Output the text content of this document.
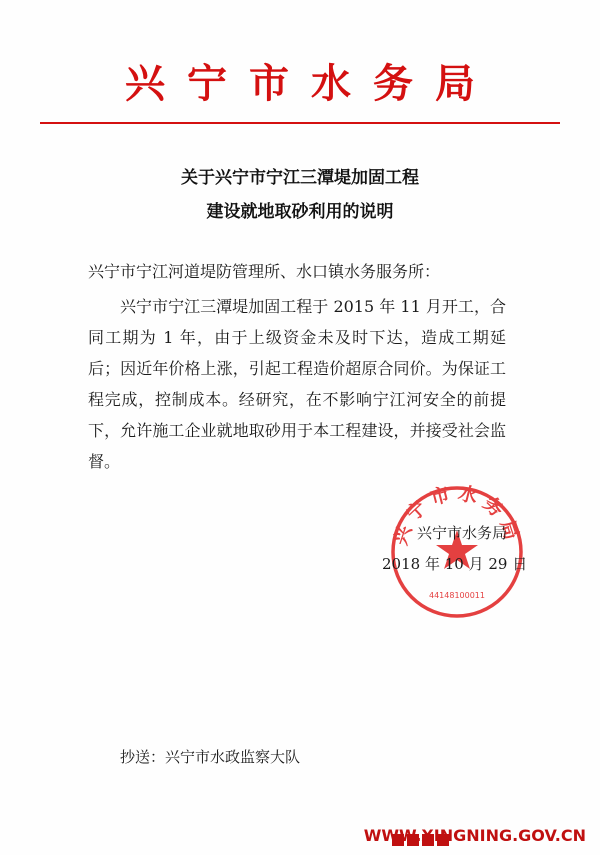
兴宁市水务局
关于兴宁市宁江三潭堤加固工程
建设就地取砂利用的说明
兴宁市宁江河道堤防管理所、水口镇水务服务所：
兴宁市宁江三潭堤加固工程于 2015 年 11 月开工，合同工期为 1 年，由于上级资金未及时下达，造成工期延后；因近年价格上涨，引起工程造价超原合同价。为保证工程完成，控制成本。经研究，在不影响宁江河安全的前提下，允许施工企业就地取砂用于本工程建设，并接受社会监督。
兴宁市水务局
44148100011
兴宁市水务局
2018 年 10 月 29 日
抄送：兴宁市水政监察大队
WWW.XINGNING.GOV.CN
